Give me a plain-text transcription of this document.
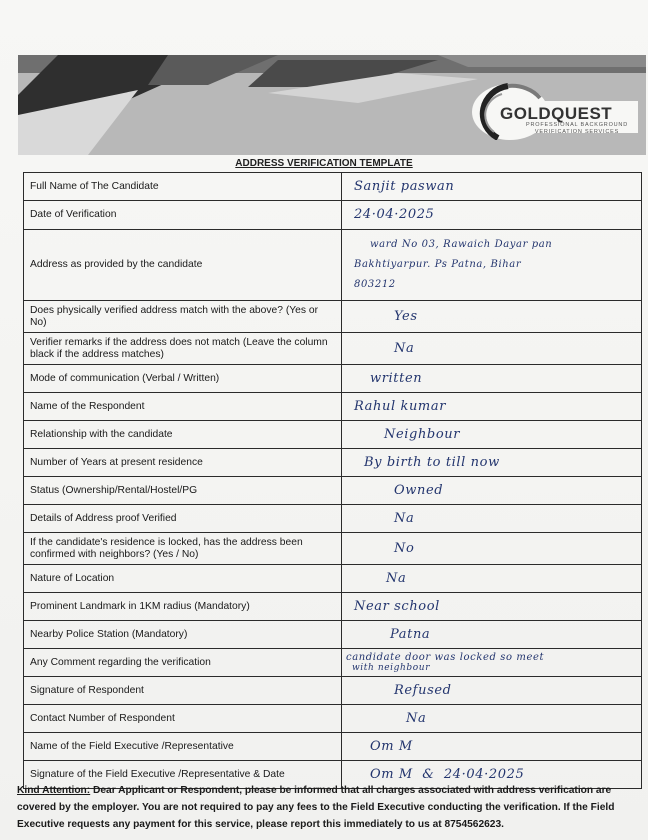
GOLDQUEST
PROFESSIONAL BACKGROUND VERIFICATION SERVICES
ADDRESS VERIFICATION TEMPLATE
Full Name of The Candidate	Sanjit paswan
Date of Verification	24·04·2025
Address as provided by the candidate	ward No 03, Rawaich Dayar pan
Bakhtiyarpur. Ps Patna, Bihar
803212

Does physically verified address match with the above? (Yes or No)	Yes
Verifier remarks if the address does not match (Leave the column black if the address matches)	Na
Mode of communication (Verbal / Written)	written
Name of the Respondent	Rahul kumar
Relationship with the candidate	Neighbour
Number of Years at present residence	By birth to till now
Status (Ownership/Rental/Hostel/PG	Owned
Details of Address proof Verified	Na
If the candidate's residence is locked, has the address been confirmed with neighbors? (Yes / No)	No
Nature of Location	Na
Prominent Landmark in 1KM radius (Mandatory)	Near school
Nearby Police Station (Mandatory)	Patna
Any Comment regarding the verification	candidate door was locked so meet
with neighbour

Signature of Respondent	Refused
Contact Number of Respondent	Na
Name of the Field Executive /Representative	Om M
Signature of the Field Executive /Representative & Date	Om M  &  24·04·2025
Kind Attention: Dear Applicant or Respondent, please be informed that all charges associated with address verification are covered by the employer. You are not required to pay any fees to the Field Executive conducting the verification. If the Field Executive requests any payment for this service, please report this immediately to us at 8754562623.
